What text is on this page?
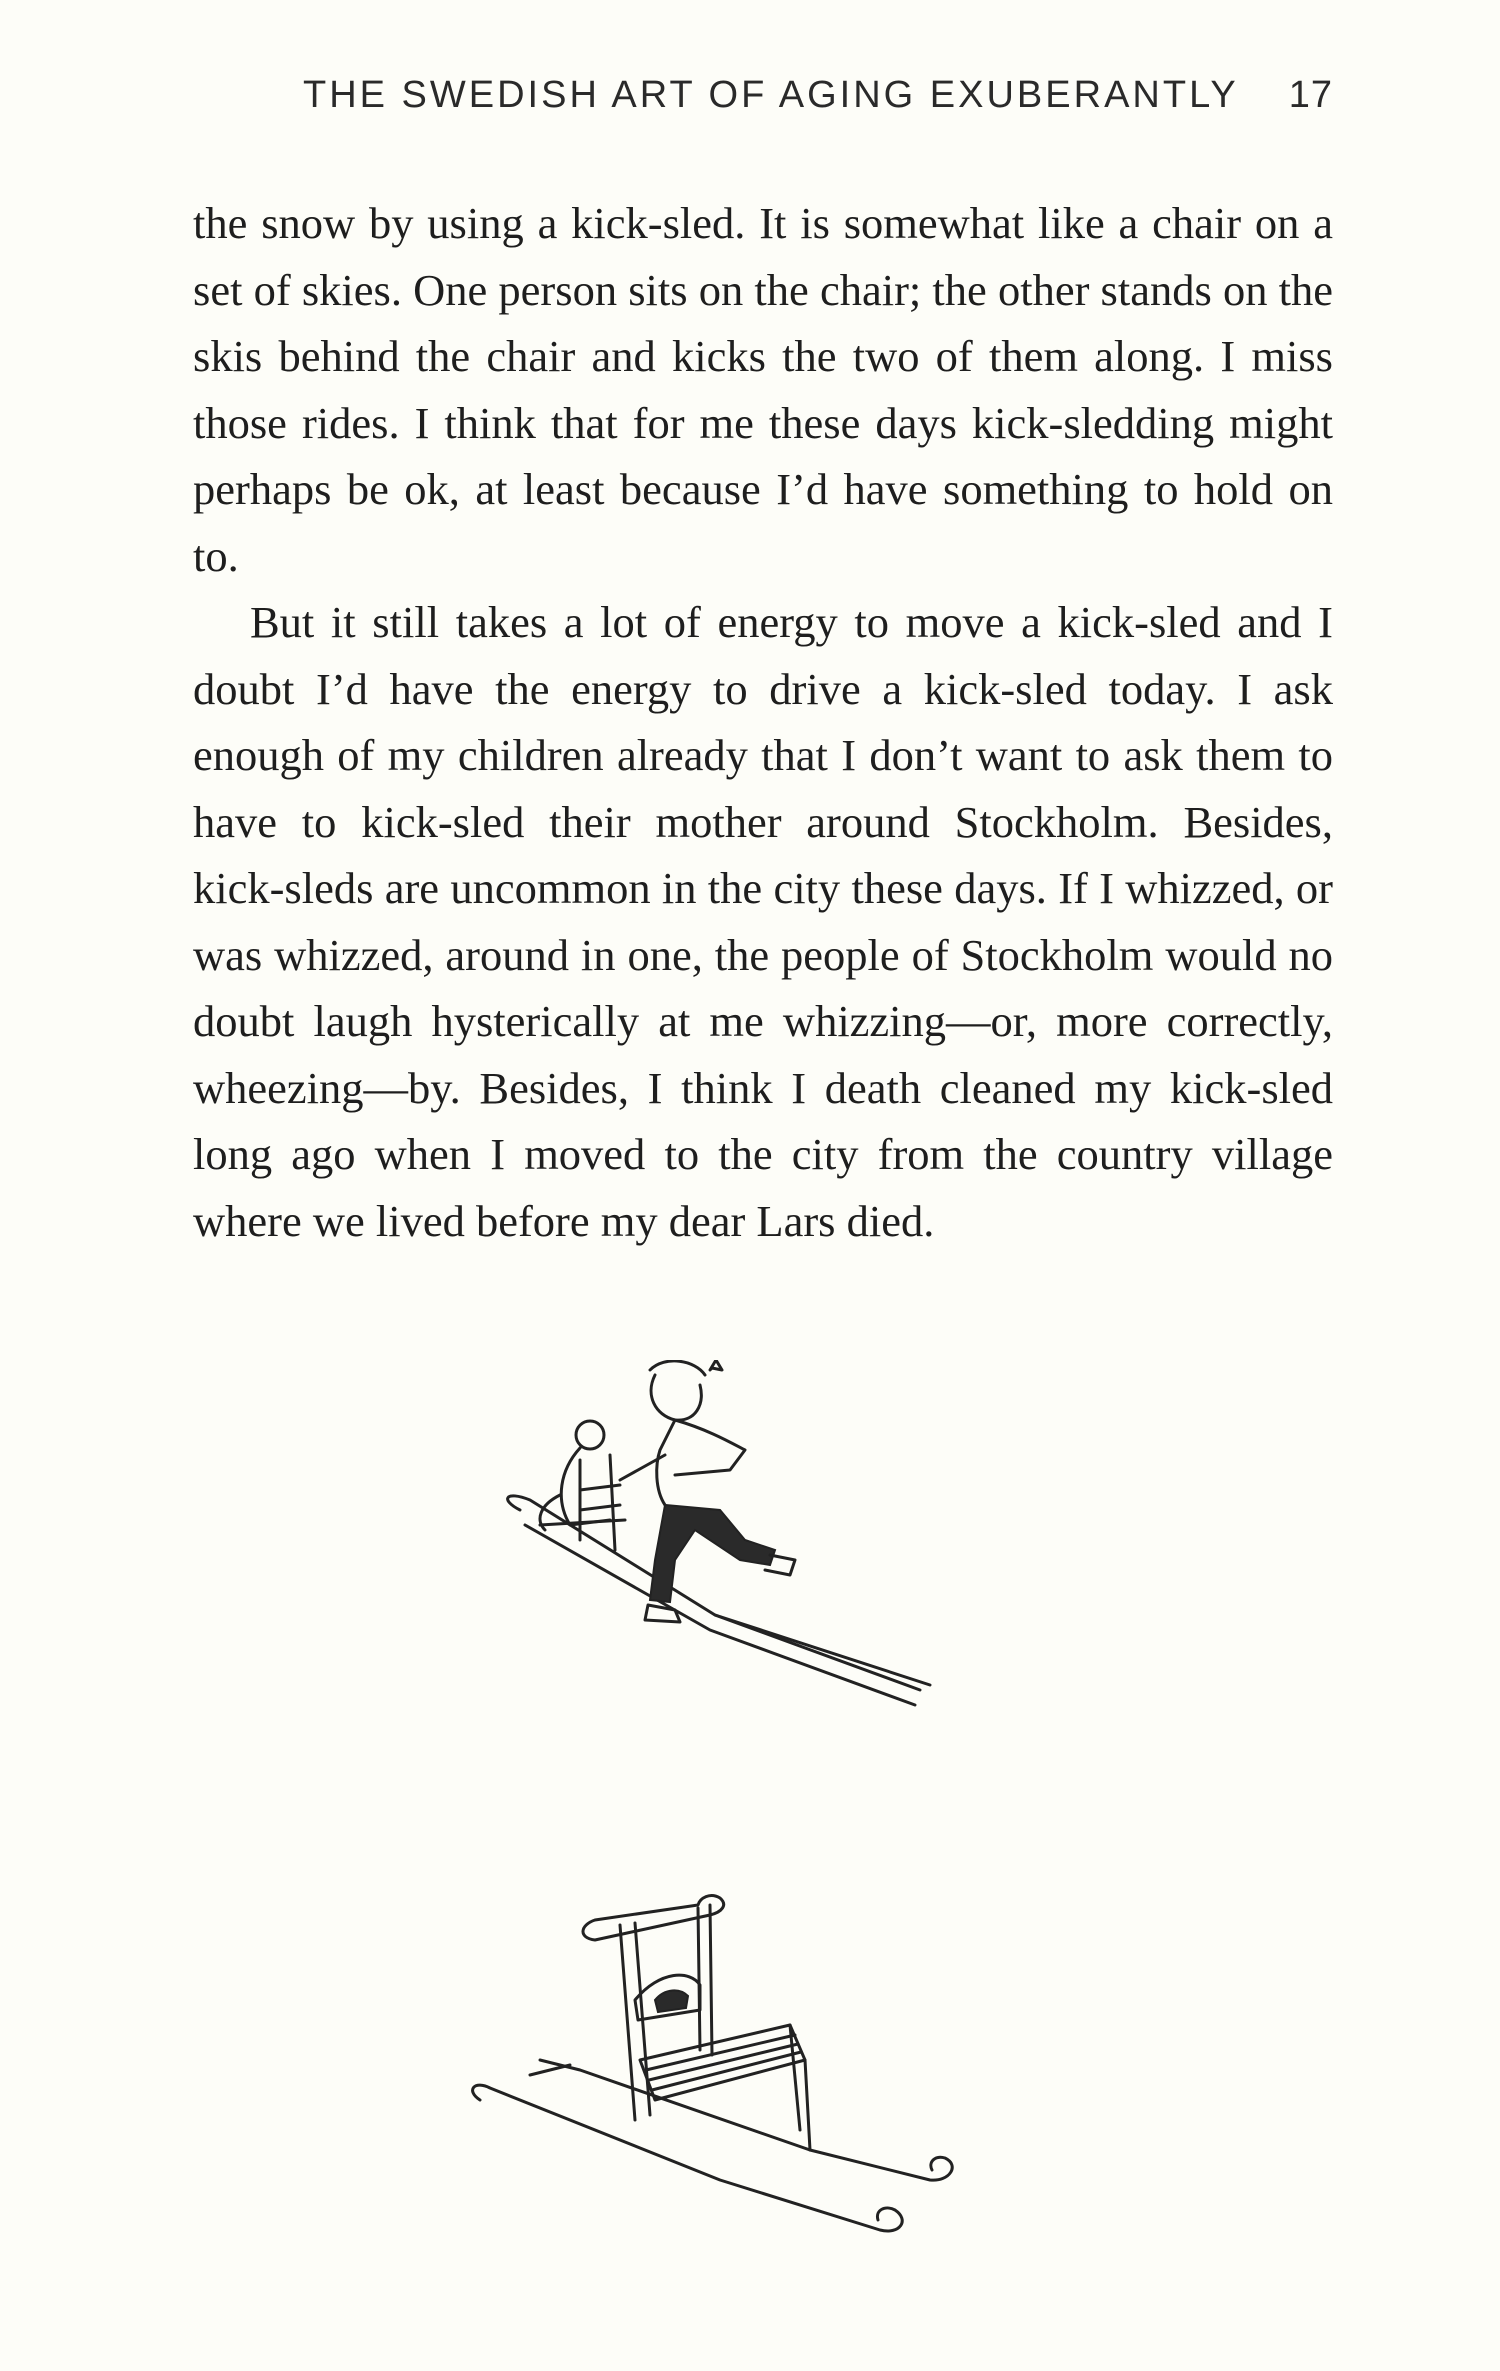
THE SWEDISH ART OF AGING EXUBERANTLY 17

the snow by using a kick-sled. It is somewhat like a chair on a set of skies. One person sits on the chair; the other stands on the skis behind the chair and kicks the two of them along. I miss those rides. I think that for me these days kick-sledding might perhaps be ok, at least because I’d have something to hold on to.

But it still takes a lot of energy to move a kick-sled and I doubt I’d have the energy to drive a kick-sled today. I ask enough of my children already that I don’t want to ask them to have to kick-sled their mother around Stockholm. Besides, kick-sleds are uncommon in the city these days. If I whizzed, or was whizzed, around in one, the people of Stockholm would no doubt laugh hysterically at me whizzing—or, more correctly, wheezing—by. Besides, I think I death cleaned my kick-sled long ago when I moved to the city from the country village where we lived before my dear Lars died.
